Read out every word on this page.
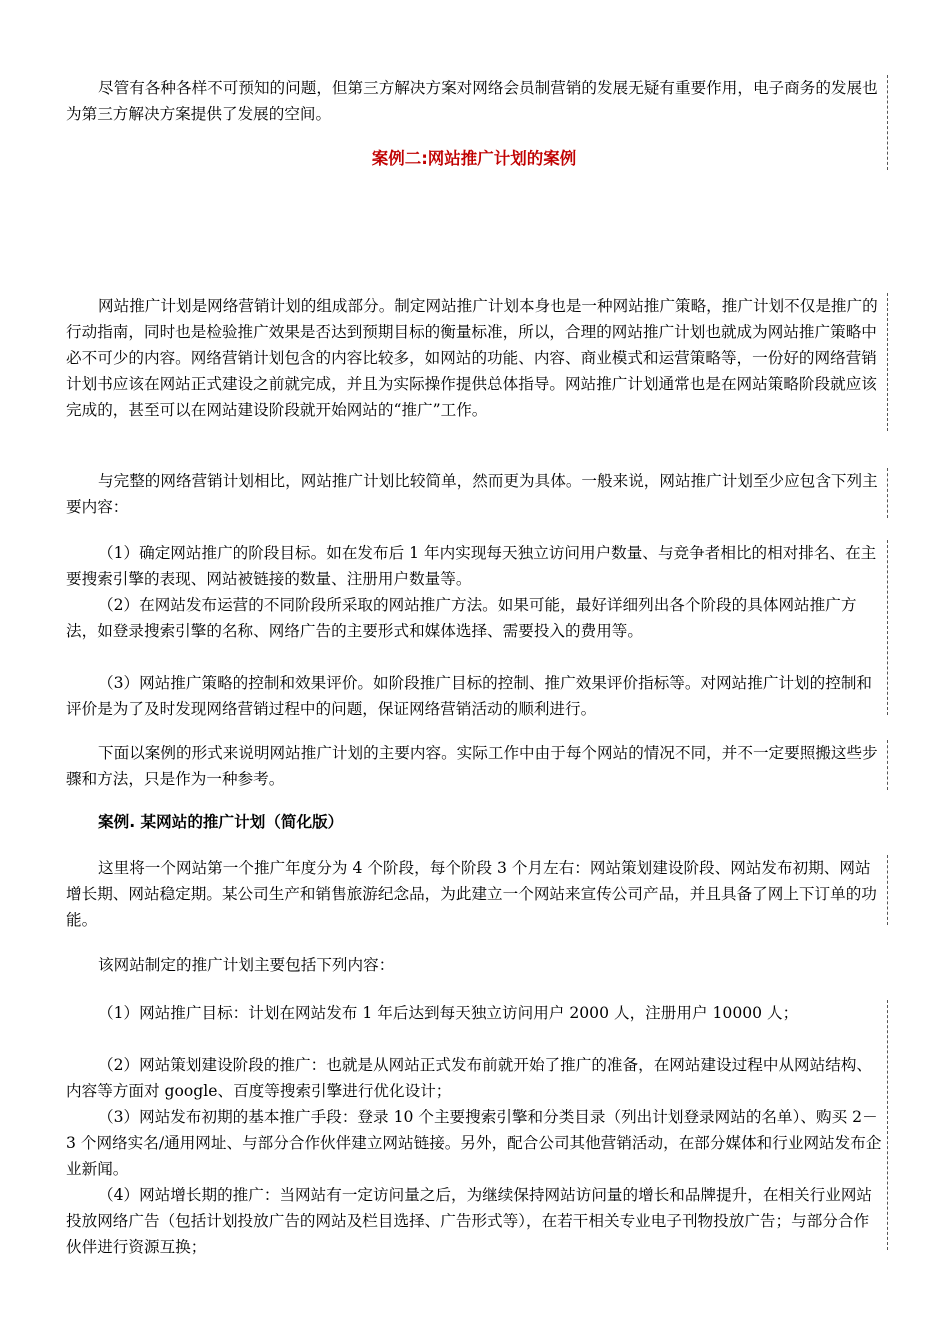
尽管有各种各样不可预知的问题，但第三方解决方案对网络会员制营销的发展无疑有重要作用，电子商务的发展也为第三方解决方案提供了发展的空间。

案例二:网站推广计划的案例

网站推广计划是网络营销计划的组成部分。制定网站推广计划本身也是一种网站推广策略，推广计划不仅是推广的行动指南，同时也是检验推广效果是否达到预期目标的衡量标准，所以，合理的网站推广计划也就成为网站推广策略中必不可少的内容。网络营销计划包含的内容比较多，如网站的功能、内容、商业模式和运营策略等，一份好的网络营销计划书应该在网站正式建设之前就完成，并且为实际操作提供总体指导。网站推广计划通常也是在网站策略阶段就应该完成的，甚至可以在网站建设阶段就开始网站的“推广”工作。

与完整的网络营销计划相比，网站推广计划比较简单，然而更为具体。一般来说，网站推广计划至少应包含下列主要内容：

（1）确定网站推广的阶段目标。如在发布后 1 年内实现每天独立访问用户数量、与竞争者相比的相对排名、在主要搜索引擎的表现、网站被链接的数量、注册用户数量等。

（2）在网站发布运营的不同阶段所采取的网站推广方法。如果可能，最好详细列出各个阶段的具体网站推广方法，如登录搜索引擎的名称、网络广告的主要形式和媒体选择、需要投入的费用等。

（3）网站推广策略的控制和效果评价。如阶段推广目标的控制、推广效果评价指标等。对网站推广计划的控制和评价是为了及时发现网络营销过程中的问题，保证网络营销活动的顺利进行。

下面以案例的形式来说明网站推广计划的主要内容。实际工作中由于每个网站的情况不同，并不一定要照搬这些步骤和方法，只是作为一种参考。

案例. 某网站的推广计划（简化版）

这里将一个网站第一个推广年度分为 4 个阶段，每个阶段 3 个月左右：网站策划建设阶段、网站发布初期、网站增长期、网站稳定期。某公司生产和销售旅游纪念品，为此建立一个网站来宣传公司产品，并且具备了网上下订单的功能。

该网站制定的推广计划主要包括下列内容：

（1）网站推广目标：计划在网站发布 1 年后达到每天独立访问用户 2000 人，注册用户 10000 人；

（2）网站策划建设阶段的推广：也就是从网站正式发布前就开始了推广的准备，在网站建设过程中从网站结构、内容等方面对 google、百度等搜索引擎进行优化设计；

（3）网站发布初期的基本推广手段：登录 10 个主要搜索引擎和分类目录（列出计划登录网站的名单）、购买 2－3 个网络实名/通用网址、与部分合作伙伴建立网站链接。另外，配合公司其他营销活动，在部分媒体和行业网站发布企业新闻。

（4）网站增长期的推广：当网站有一定访问量之后，为继续保持网站访问量的增长和品牌提升，在相关行业网站投放网络广告（包括计划投放广告的网站及栏目选择、广告形式等），在若干相关专业电子刊物投放广告；与部分合作伙伴进行资源互换；
